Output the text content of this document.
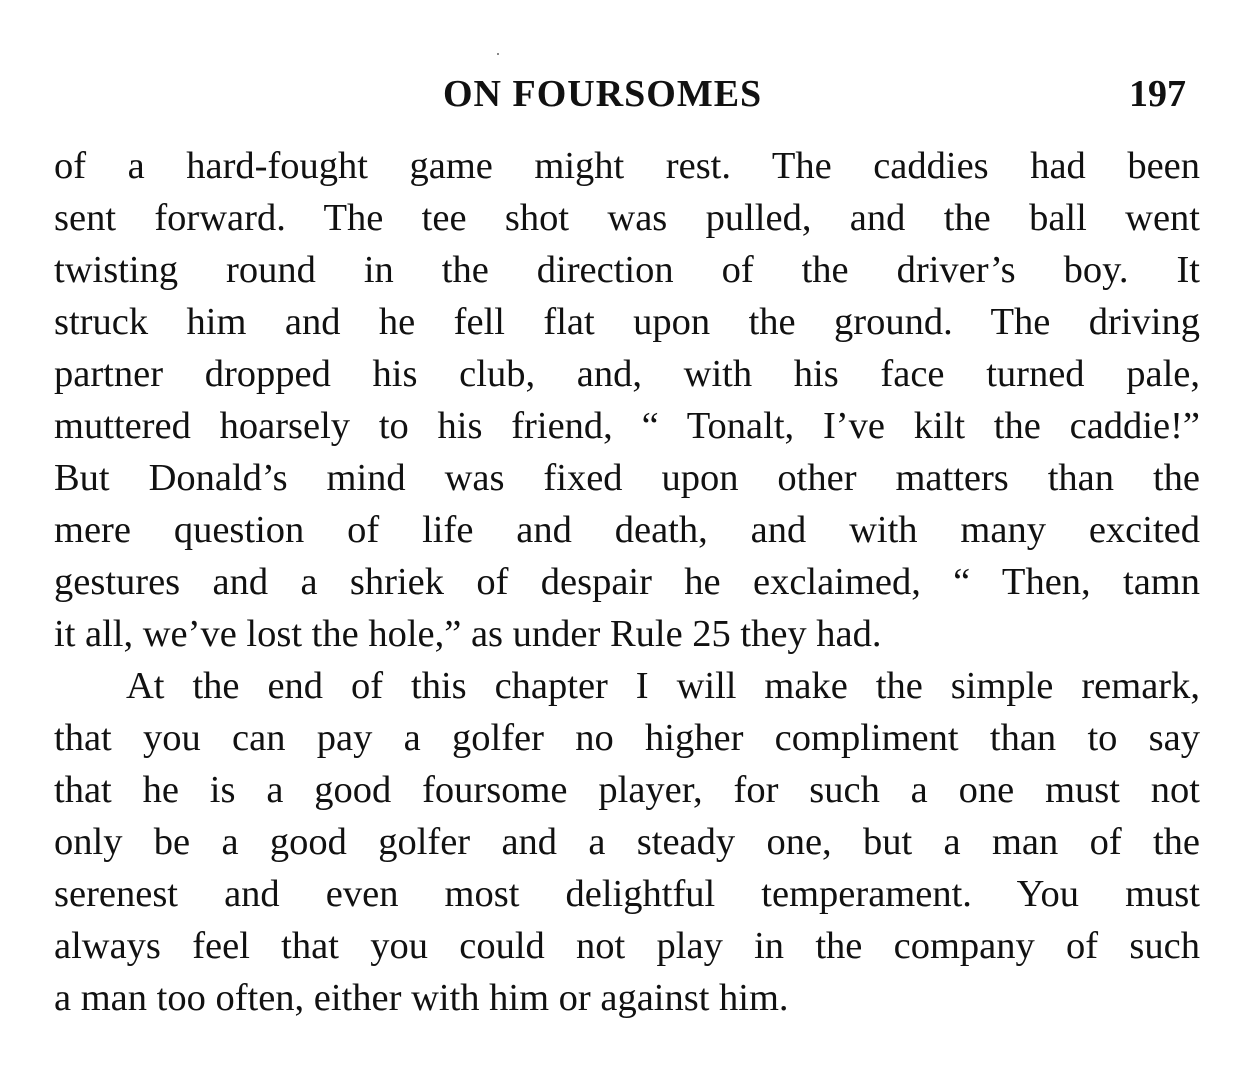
ON FOURSOMES	197
of a hard-fought game might rest. The caddies had been
sent forward. The tee shot was pulled, and the ball went
twisting round in the direction of the driver’s boy. It
struck him and he fell flat upon the ground. The driving
partner dropped his club, and, with his face turned pale,
muttered hoarsely to his friend, “ Tonalt, I’ve kilt the caddie!”
But Donald’s mind was fixed upon other matters than the
mere question of life and death, and with many excited
gestures and a shriek of despair he exclaimed, “ Then, tamn
it all, we’ve lost the hole,” as under Rule 25 they had.
At the end of this chapter I will make the simple remark,
that you can pay a golfer no higher compliment than to say
that he is a good foursome player, for such a one must not
only be a good golfer and a steady one, but a man of the
serenest and even most delightful temperament. You must
always feel that you could not play in the company of such
a man too often, either with him or against him.
